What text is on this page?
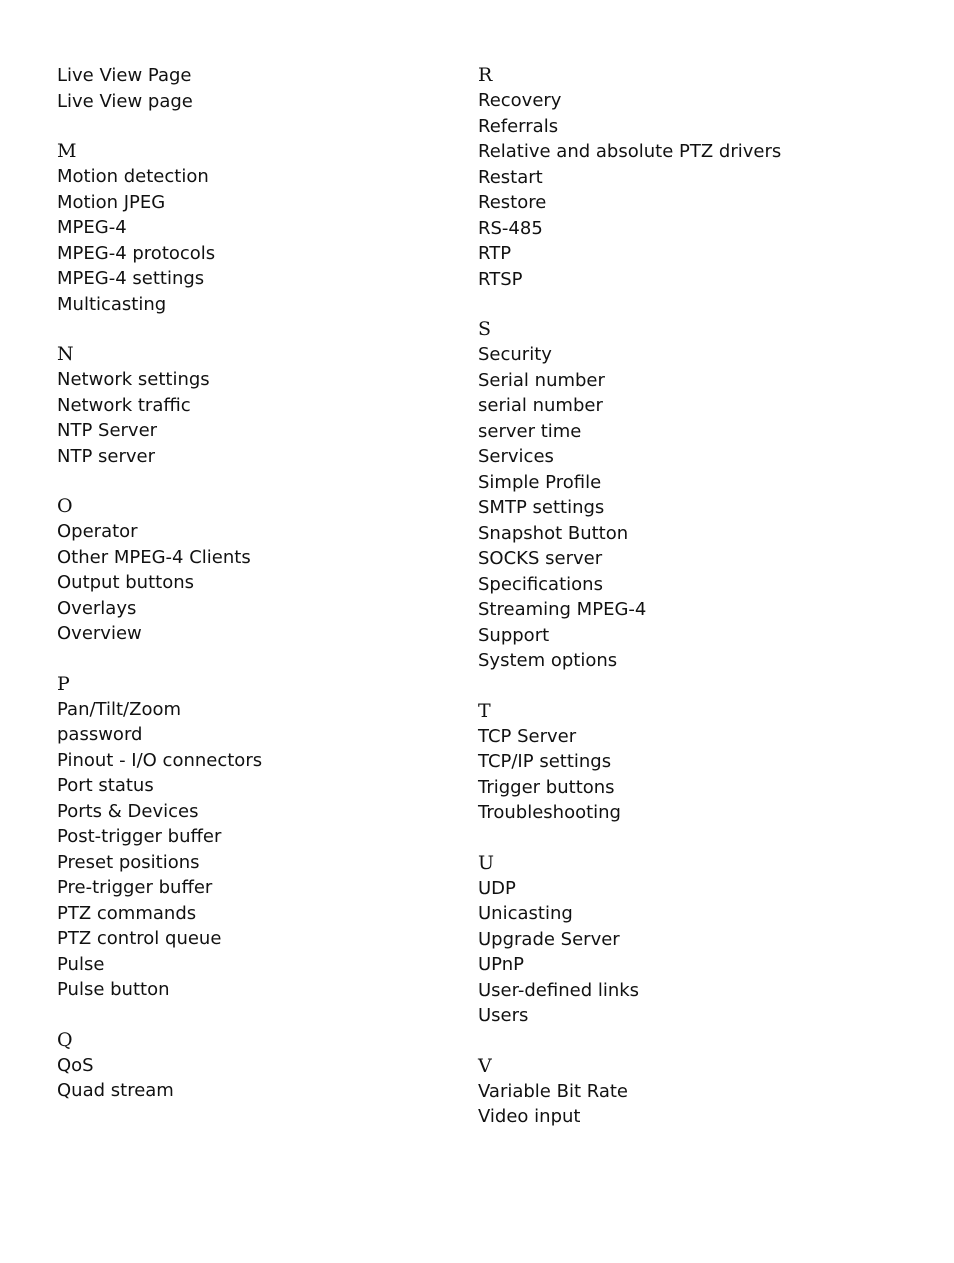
Live View Page
Live View page
M
Motion detection
Motion JPEG
MPEG-4
MPEG-4 protocols
MPEG-4 settings
Multicasting
N
Network settings
Network traffic
NTP Server
NTP server
O
Operator
Other MPEG-4 Clients
Output buttons
Overlays
Overview
P
Pan/Tilt/Zoom
password
Pinout - I/O connectors
Port status
Ports & Devices
Post-trigger buffer
Preset positions
Pre-trigger buffer
PTZ commands
PTZ control queue
Pulse
Pulse button
Q
QoS
Quad stream
R
Recovery
Referrals
Relative and absolute PTZ drivers
Restart
Restore
RS-485
RTP
RTSP
S
Security
Serial number
serial number
server time
Services
Simple Profile
SMTP settings
Snapshot Button
SOCKS server
Specifications
Streaming MPEG-4
Support
System options
T
TCP Server
TCP/IP settings
Trigger buttons
Troubleshooting
U
UDP
Unicasting
Upgrade Server
UPnP
User-defined links
Users
V
Variable Bit Rate
Video input
